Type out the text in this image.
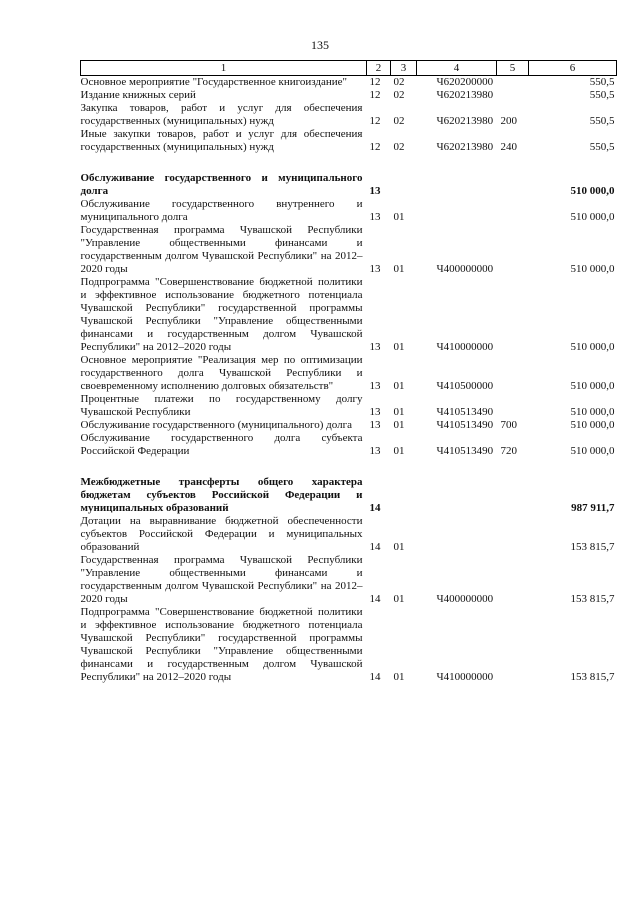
135
1	2	3	4	5	6
Основное мероприятие "Государственное книгоиздание"	12	02	Ч620200000		550,5
Издание книжных серий	12	02	Ч620213980		550,5
Закупка товаров, работ и услуг для обеспечения государственных (муниципальных) нужд	12	02	Ч620213980	200	550,5
Иные закупки товаров, работ и услуг для обеспечения государственных (муниципальных) нужд	12	02	Ч620213980	240	550,5

Обслуживание государственного и муниципального долга	13				510 000,0
Обслуживание государственного внутреннего и муниципального долга	13	01			510 000,0
Государственная программа Чувашской Республики "Управление общественными финансами и государственным долгом Чувашской Республики" на 2012–2020 годы	13	01	Ч400000000		510 000,0
Подпрограмма "Совершенствование бюджетной политики и эффективное использование бюджетного потенциала Чувашской Республики" государственной программы Чувашской Республики "Управление общественными финансами и государственным долгом Чувашской Республики" на 2012–2020 годы	13	01	Ч410000000		510 000,0
Основное мероприятие "Реализация мер по оптимизации государственного долга Чувашской Республики и своевременному исполнению долговых обязательств"	13	01	Ч410500000		510 000,0
Процентные платежи по государственному долгу Чувашской Республики	13	01	Ч410513490		510 000,0
Обслуживание государственного (муниципального) долга	13	01	Ч410513490	700	510 000,0
Обслуживание государственного долга субъекта Российской Федерации	13	01	Ч410513490	720	510 000,0

Межбюджетные трансферты общего характера бюджетам субъектов Российской Федерации и муниципальных образований	14				987 911,7
Дотации на выравнивание бюджетной обеспеченности субъектов Российской Федерации и муниципальных образований	14	01			153 815,7
Государственная программа Чувашской Республики "Управление общественными финансами и государственным долгом Чувашской Республики" на 2012–2020 годы	14	01	Ч400000000		153 815,7
Подпрограмма "Совершенствование бюджетной политики и эффективное использование бюджетного потенциала Чувашской Республики" государственной программы Чувашской Республики "Управление общественными финансами и государственным долгом Чувашской Республики" на 2012–2020 годы	14	01	Ч410000000		153 815,7
